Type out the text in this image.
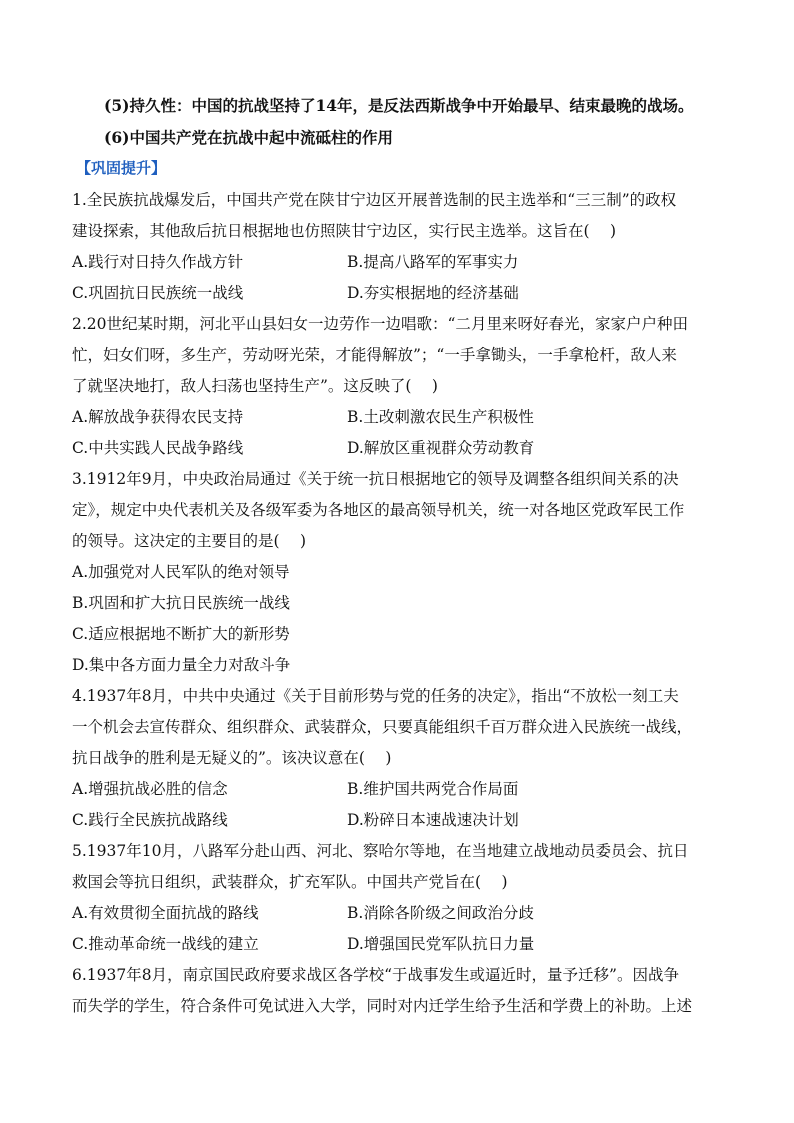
(5)持久性：中国的抗战坚持了14年，是反法西斯战争中开始最早、结束最晚的战场。
(6)中国共产党在抗战中起中流砥柱的作用
【巩固提升】
1.全民族抗战爆发后，中国共产党在陕甘宁边区开展普选制的民主选举和“三三制”的政权
建设探索，其他敌后抗日根据地也仿照陕甘宁边区，实行民主选举。这旨在(　 )
A.践行对日持久作战方针	B.提高八路军的军事实力
C.巩固抗日民族统一战线	D.夯实根据地的经济基础
2.20世纪某时期，河北平山县妇女一边劳作一边唱歌：“二月里来呀好春光，家家户户种田
忙，妇女们呀，多生产，劳动呀光荣，才能得解放”；“一手拿锄头，一手拿枪杆，敌人来
了就坚决地打，敌人扫荡也坚持生产”。这反映了(　 )
A.解放战争获得农民支持	B.土改刺激农民生产积极性
C.中共实践人民战争路线	D.解放区重视群众劳动教育
3.1912年9月，中央政治局通过《关于统一抗日根据地它的领导及调整各组织间关系的决
定》，规定中央代表机关及各级军委为各地区的最高领导机关，统一对各地区党政军民工作
的领导。这决定的主要目的是(　 )
A.加强党对人民军队的绝对领导
B.巩固和扩大抗日民族统一战线
C.适应根据地不断扩大的新形势
D.集中各方面力量全力对敌斗争
4.1937年8月，中共中央通过《关于目前形势与党的任务的决定》，指出“不放松一刻工夫
一个机会去宣传群众、组织群众、武装群众，只要真能组织千百万群众进入民族统一战线，
抗日战争的胜利是无疑义的”。该决议意在(　 )
A.增强抗战必胜的信念	B.维护国共两党合作局面
C.践行全民族抗战路线	D.粉碎日本速战速决计划
5.1937年10月，八路军分赴山西、河北、察哈尔等地，在当地建立战地动员委员会、抗日
救国会等抗日组织，武装群众，扩充军队。中国共产党旨在(　 )
A.有效贯彻全面抗战的路线	B.消除各阶级之间政治分歧
C.推动革命统一战线的建立	D.增强国民党军队抗日力量
6.1937年8月，南京国民政府要求战区各学校“于战事发生或逼近时，量予迁移”。因战争
而失学的学生，符合条件可免试进入大学，同时对内迁学生给予生活和学费上的补助。上述
